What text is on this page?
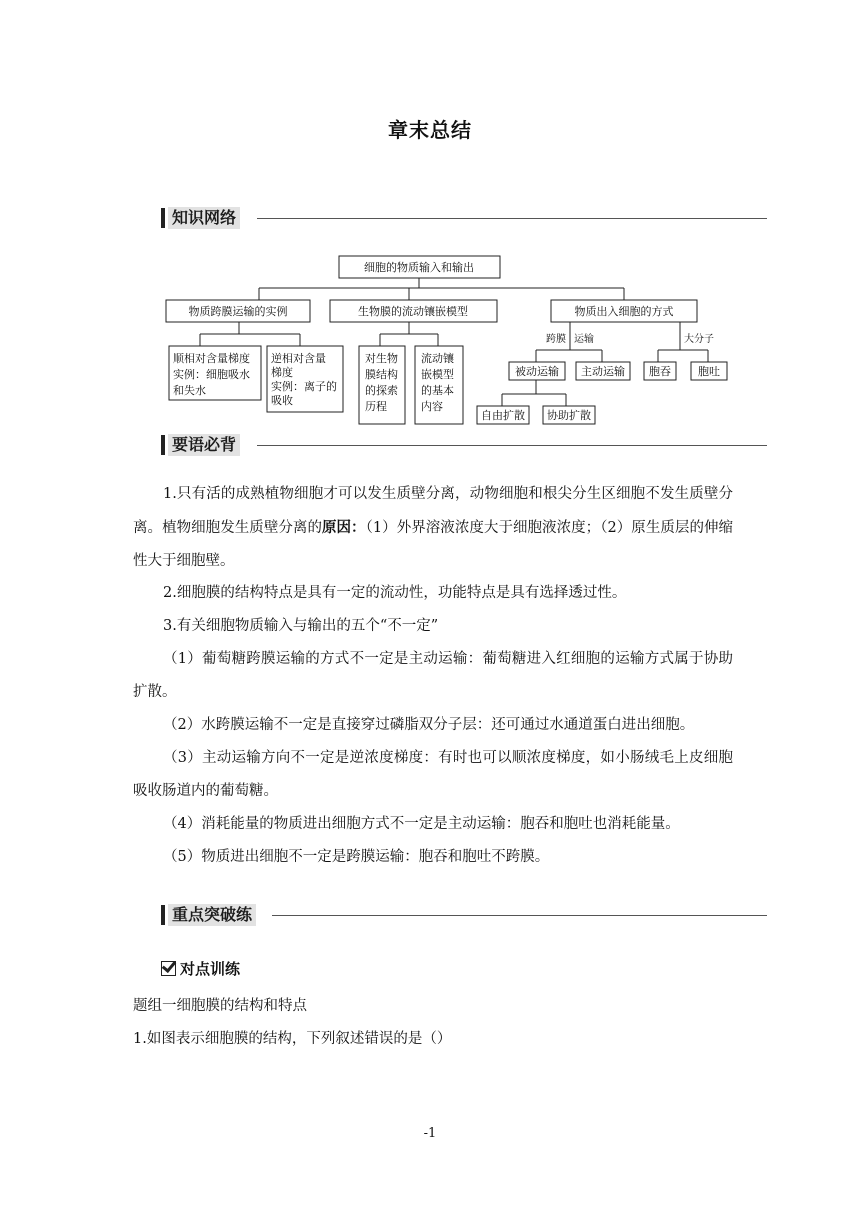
章末总结
知识网络
细胞的物质输入和输出
物质跨膜运输的实例	生物膜的流动镶嵌模型	物质出入细胞的方式
顺相对含量梯度
实例：细胞吸水
和失水
逆相对含量
梯度
实例：离子的
吸收
对生物
膜结构
的探索
历程
流动镶
嵌模型
的基本
内容
跨膜 运输	大分子
被动运输 主动运输 胞吞 胞吐
自由扩散 协助扩散
要语必背
1.只有活的成熟植物细胞才可以发生质壁分离，动物细胞和根尖分生区细胞不发生质壁分离。植物细胞发生质壁分离的原因：（1）外界溶液浓度大于细胞液浓度；（2）原生质层的伸缩性大于细胞壁。
2.细胞膜的结构特点是具有一定的流动性，功能特点是具有选择透过性。
3.有关细胞物质输入与输出的五个“不一定”
（1）葡萄糖跨膜运输的方式不一定是主动运输：葡萄糖进入红细胞的运输方式属于协助扩散。
（2）水跨膜运输不一定是直接穿过磷脂双分子层：还可通过水通道蛋白进出细胞。
（3）主动运输方向不一定是逆浓度梯度：有时也可以顺浓度梯度，如小肠绒毛上皮细胞吸收肠道内的葡萄糖。
（4）消耗能量的物质进出细胞方式不一定是主动运输：胞吞和胞吐也消耗能量。
（5）物质进出细胞不一定是跨膜运输：胞吞和胞吐不跨膜。
重点突破练
对点训练
题组一细胞膜的结构和特点
1.如图表示细胞膜的结构，下列叙述错误的是（）
-1
